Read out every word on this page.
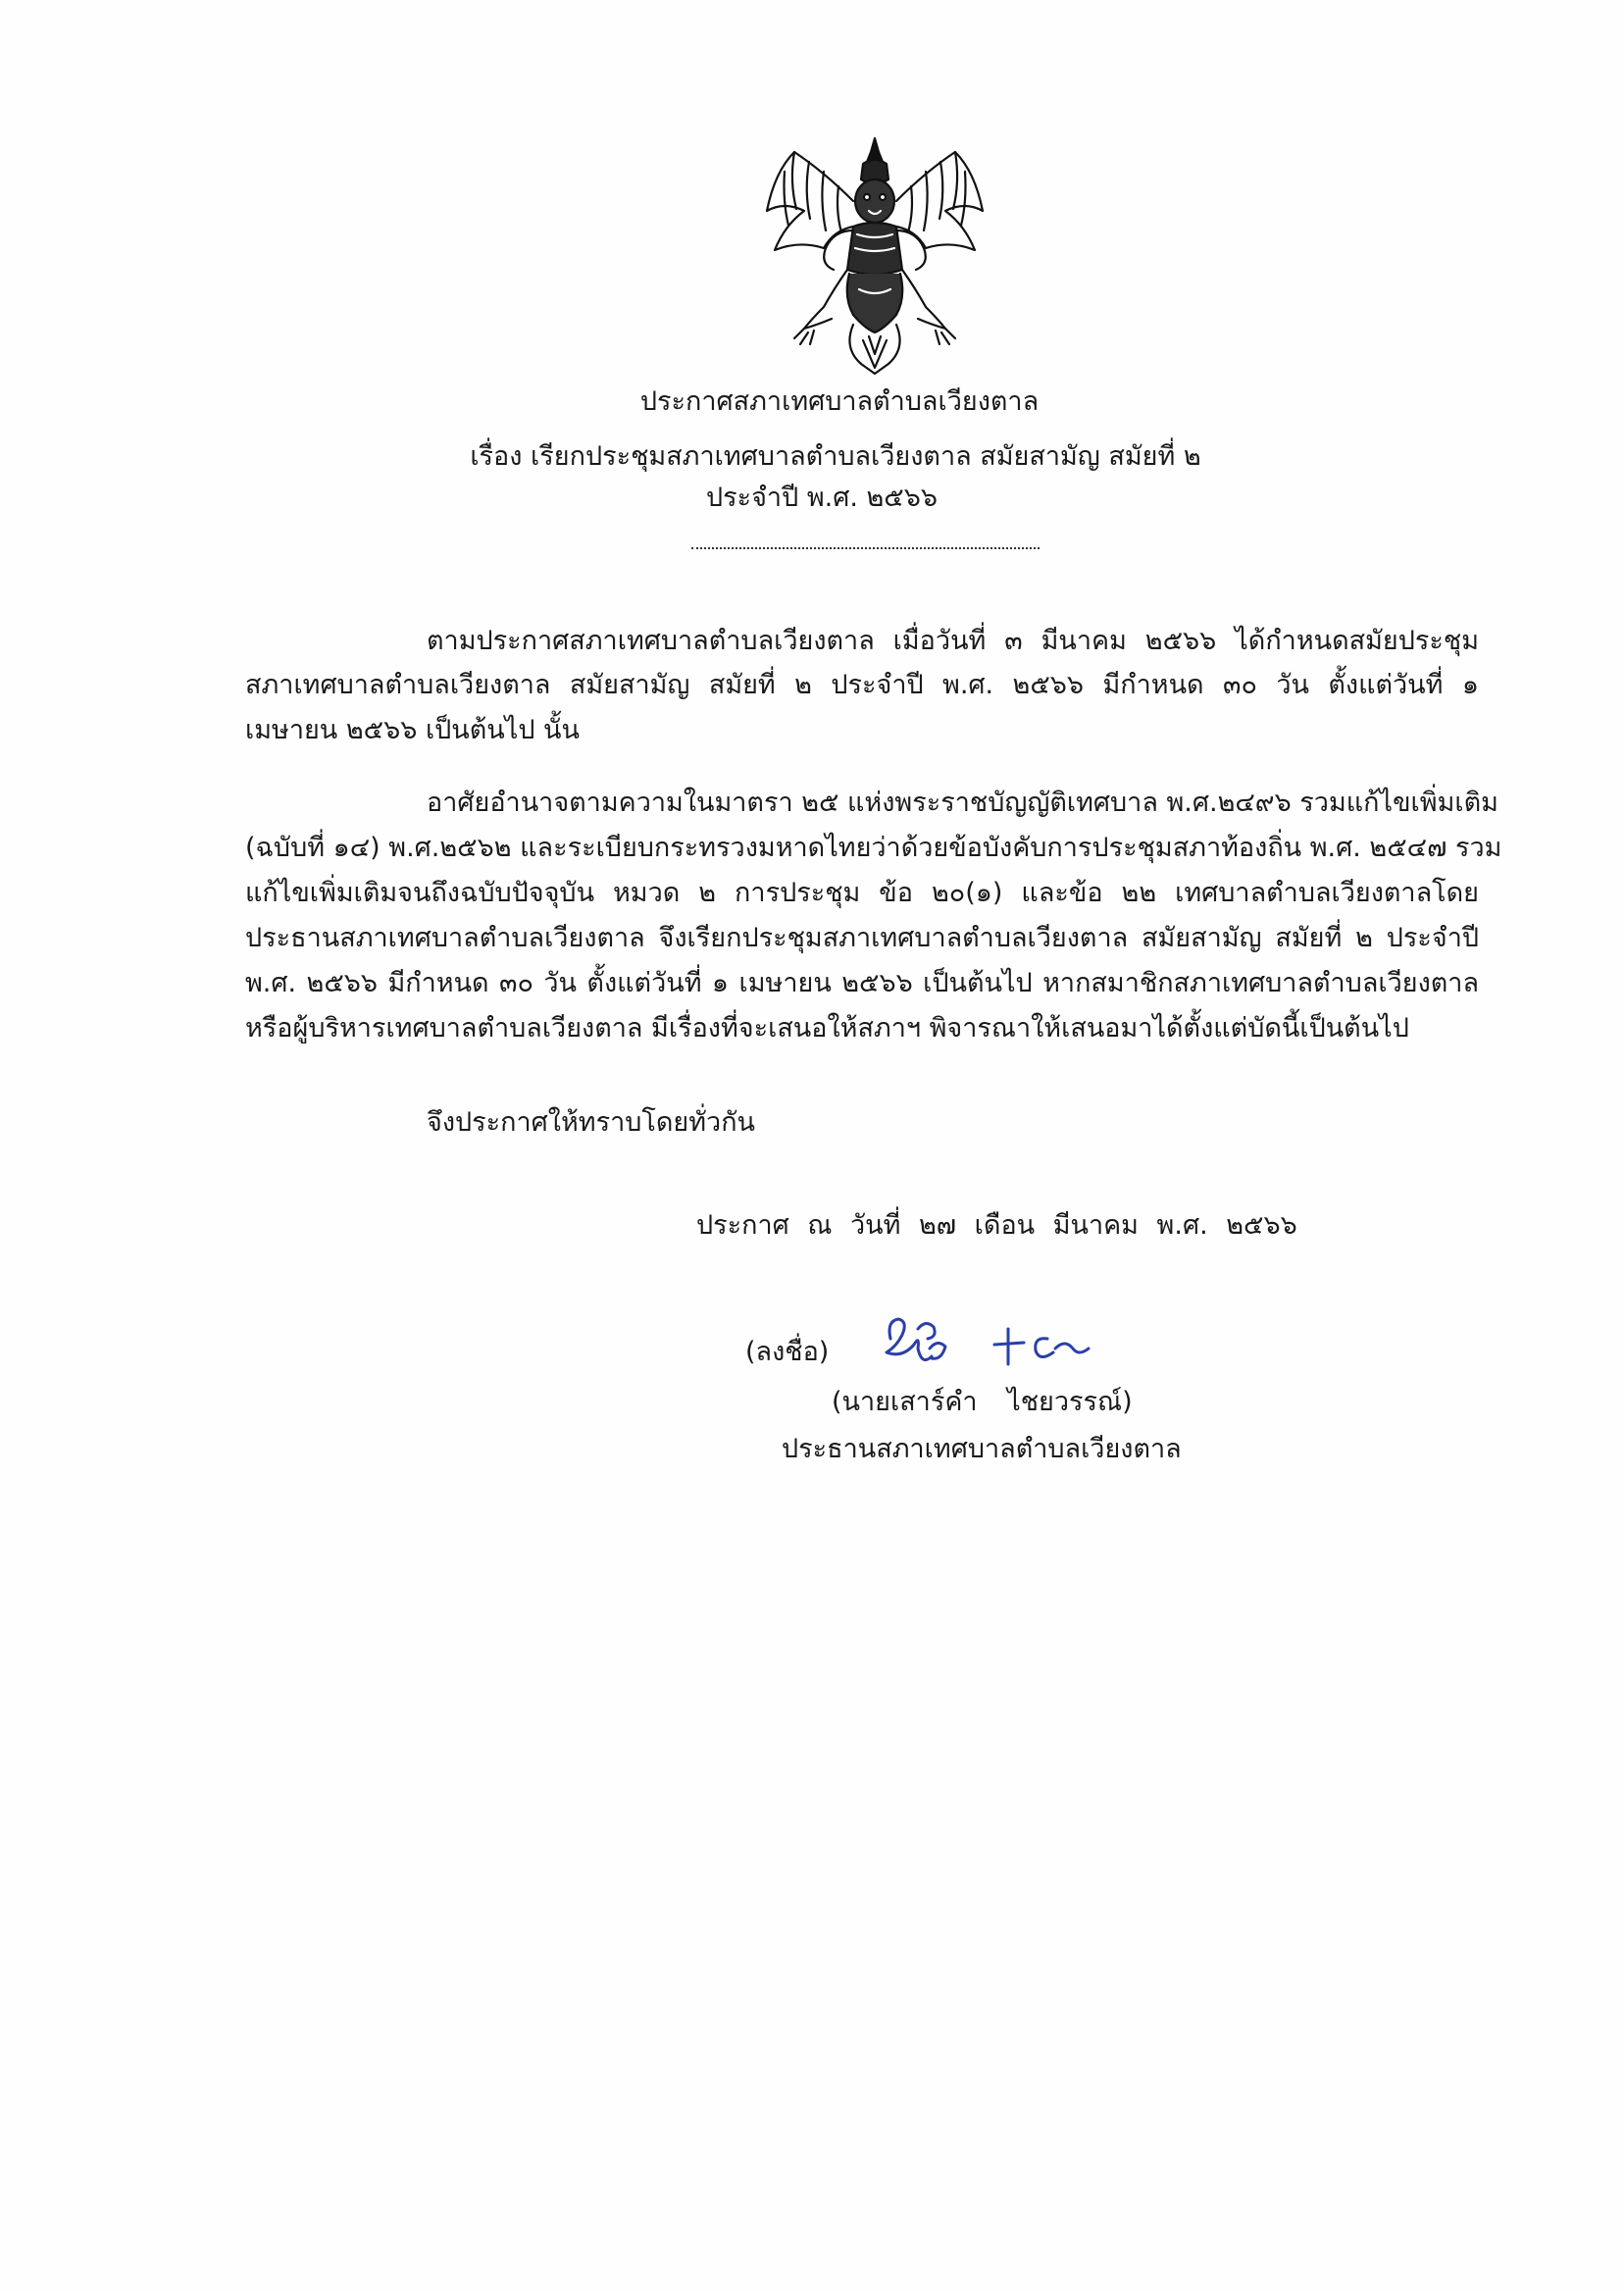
ประกาศสภาเทศบาลตำบลเวียงตาล
เรื่อง เรียกประชุมสภาเทศบาลตำบลเวียงตาล สมัยสามัญ สมัยที่ ๒
ประจำปี พ.ศ. ๒๕๖๖
ตามประกาศสภาเทศบาลตำบลเวียงตาล เมื่อวันที่ ๓ มีนาคม ๒๕๖๖ ได้กำหนดสมัยประชุม
สภาเทศบาลตำบลเวียงตาล สมัยสามัญ สมัยที่ ๒ ประจำปี พ.ศ. ๒๕๖๖ มีกำหนด ๓๐ วัน ตั้งแต่วันที่ ๑
เมษายน ๒๕๖๖ เป็นต้นไป นั้น
อาศัยอำนาจตามความในมาตรา ๒๕ แห่งพระราชบัญญัติเทศบาล พ.ศ.๒๔๙๖ รวมแก้ไขเพิ่มเติม
(ฉบับที่ ๑๔) พ.ศ.๒๕๖๒ และระเบียบกระทรวงมหาดไทยว่าด้วยข้อบังคับการประชุมสภาท้องถิ่น พ.ศ. ๒๕๔๗ รวม
แก้ไขเพิ่มเติมจนถึงฉบับปัจจุบัน หมวด ๒ การประชุม ข้อ ๒๐(๑) และข้อ ๒๒ เทศบาลตำบลเวียงตาลโดย
ประธานสภาเทศบาลตำบลเวียงตาล จึงเรียกประชุมสภาเทศบาลตำบลเวียงตาล สมัยสามัญ สมัยที่ ๒ ประจำปี
พ.ศ. ๒๕๖๖ มีกำหนด ๓๐ วัน ตั้งแต่วันที่ ๑ เมษายน ๒๕๖๖ เป็นต้นไป หากสมาชิกสภาเทศบาลตำบลเวียงตาล
หรือผู้บริหารเทศบาลตำบลเวียงตาล มีเรื่องที่จะเสนอให้สภาฯ พิจารณาให้เสนอมาได้ตั้งแต่บัดนี้เป็นต้นไป
จึงประกาศให้ทราบโดยทั่วกัน
ประกาศ ณ วันที่ ๒๗ เดือน มีนาคม พ.ศ. ๒๕๖๖
(ลงชื่อ)
(นายเสาร์คำ ไชยวรรณ์)
ประธานสภาเทศบาลตำบลเวียงตาล
